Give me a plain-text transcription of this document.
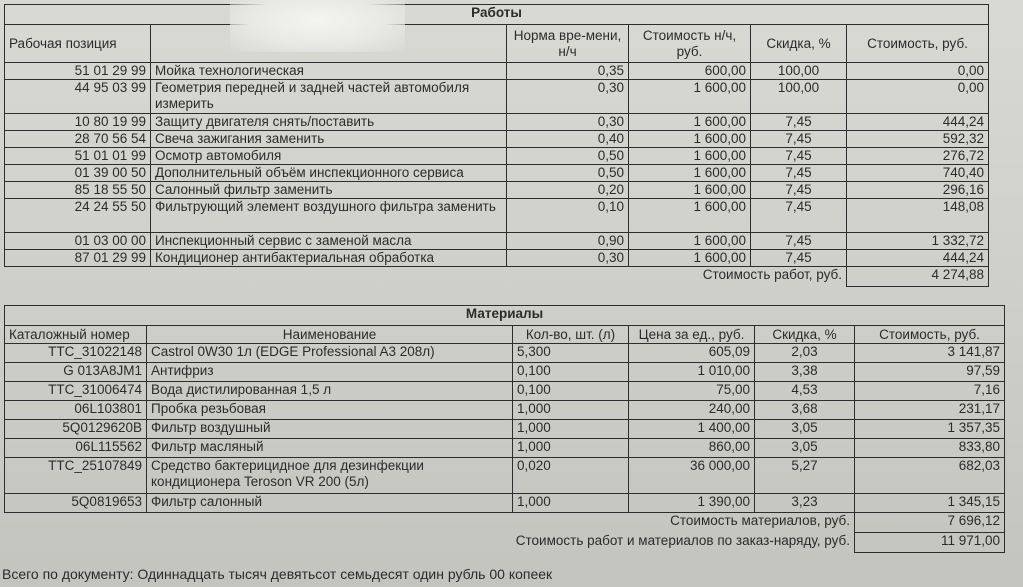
Работы					
Рабочая позиция		Норма вре-мени, н/ч	Стоимость н/ч, руб.	Скидка, %	Стоимость, руб.
51 01 29 99	Мойка технологическая	0,35	600,00	100,00	0,00
44 95 03 99	Геометрия передней и задней частей автомобиля измерить	0,30	1 600,00	100,00	0,00
10 80 19 99	Защиту двигателя снять/поставить	0,30	1 600,00	7,45	444,24
28 70 56 54	Свеча зажигания заменить	0,40	1 600,00	7,45	592,32
51 01 01 99	Осмотр автомобиля	0,50	1 600,00	7,45	276,72
01 39 00 50	Дополнительный объём инспекционного сервиса	0,50	1 600,00	7,45	740,40
85 18 55 50	Салонный фильтр заменить	0,20	1 600,00	7,45	296,16
24 24 55 50	Фильтрующий элемент воздушного фильтра заменить	0,10	1 600,00	7,45	148,08
01 03 00 00	Инспекционный сервис с заменой масла	0,90	1 600,00	7,45	1 332,72
87 01 29 99	Кондиционер антибактериальная обработка	0,30	1 600,00	7,45	444,24
Стоимость работ, руб.					4 274,88
Материалы					
Каталожный номер	Наименование	Кол-во, шт. (л)	Цена за ед., руб.	Скидка, %	Стоимость, руб.
TTC_31022148	Castrol 0W30 1л (EDGE Professional A3 208л)	5,300	605,09	2,03	3 141,87
G 013A8JM1	Антифриз	0,100	1 010,00	3,38	97,59
TTC_31006474	Вода дистилированная 1,5 л	0,100	75,00	4,53	7,16
06L103801	Пробка резьбовая	1,000	240,00	3,68	231,17
5Q0129620B	Фильтр воздушный	1,000	1 400,00	3,05	1 357,35
06L115562	Фильтр масляный	1,000	860,00	3,05	833,80
TTC_25107849	Средство бактерицидное для дезинфекции кондиционера Teroson VR 200 (5л)	0,020	36 000,00	5,27	682,03
5Q0819653	Фильтр салонный	1,000	1 390,00	3,23	1 345,15
Стоимость материалов, руб.					7 696,12
Стоимость работ и материалов по заказ-наряду, руб.					11 971,00
Всего по документу: Одиннадцать тысяч девятьсот семьдесят один рубль 00 копеек
